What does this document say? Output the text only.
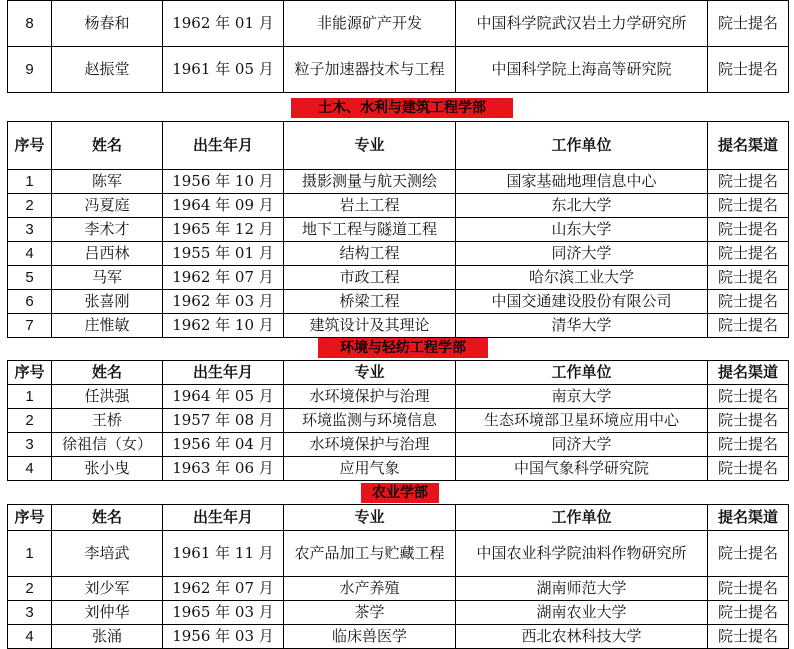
8	杨春和	1962 年 01 月	非能源矿产开发	中国科学院武汉岩土力学研究所	院士提名
9	赵振堂	1961 年 05 月	粒子加速器技术与工程	中国科学院上海高等研究院	院士提名
土木、水利与建筑工程学部
序号	姓名	出生年月	专业	工作单位	提名渠道
1	陈军	1956 年 10 月	摄影测量与航天测绘	国家基础地理信息中心	院士提名
2	冯夏庭	1964 年 09 月	岩土工程	东北大学	院士提名
3	李术才	1965 年 12 月	地下工程与隧道工程	山东大学	院士提名
4	吕西林	1955 年 01 月	结构工程	同济大学	院士提名
5	马军	1962 年 07 月	市政工程	哈尔滨工业大学	院士提名
6	张喜刚	1962 年 03 月	桥梁工程	中国交通建设股份有限公司	院士提名
7	庄惟敏	1962 年 10 月	建筑设计及其理论	清华大学	院士提名
环境与轻纺工程学部
序号	姓名	出生年月	专业	工作单位	提名渠道
1	任洪强	1964 年 05 月	水环境保护与治理	南京大学	院士提名
2	王桥	1957 年 08 月	环境监测与环境信息	生态环境部卫星环境应用中心	院士提名
3	徐祖信（女）	1956 年 04 月	水环境保护与治理	同济大学	院士提名
4	张小曳	1963 年 06 月	应用气象	中国气象科学研究院	院士提名
农业学部
序号	姓名	出生年月	专业	工作单位	提名渠道
1	李培武	1961 年 11 月	农产品加工与贮藏工程	中国农业科学院油料作物研究所	院士提名
2	刘少军	1962 年 07 月	水产养殖	湖南师范大学	院士提名
3	刘仲华	1965 年 03 月	茶学	湖南农业大学	院士提名
4	张涌	1956 年 03 月	临床兽医学	西北农林科技大学	院士提名
